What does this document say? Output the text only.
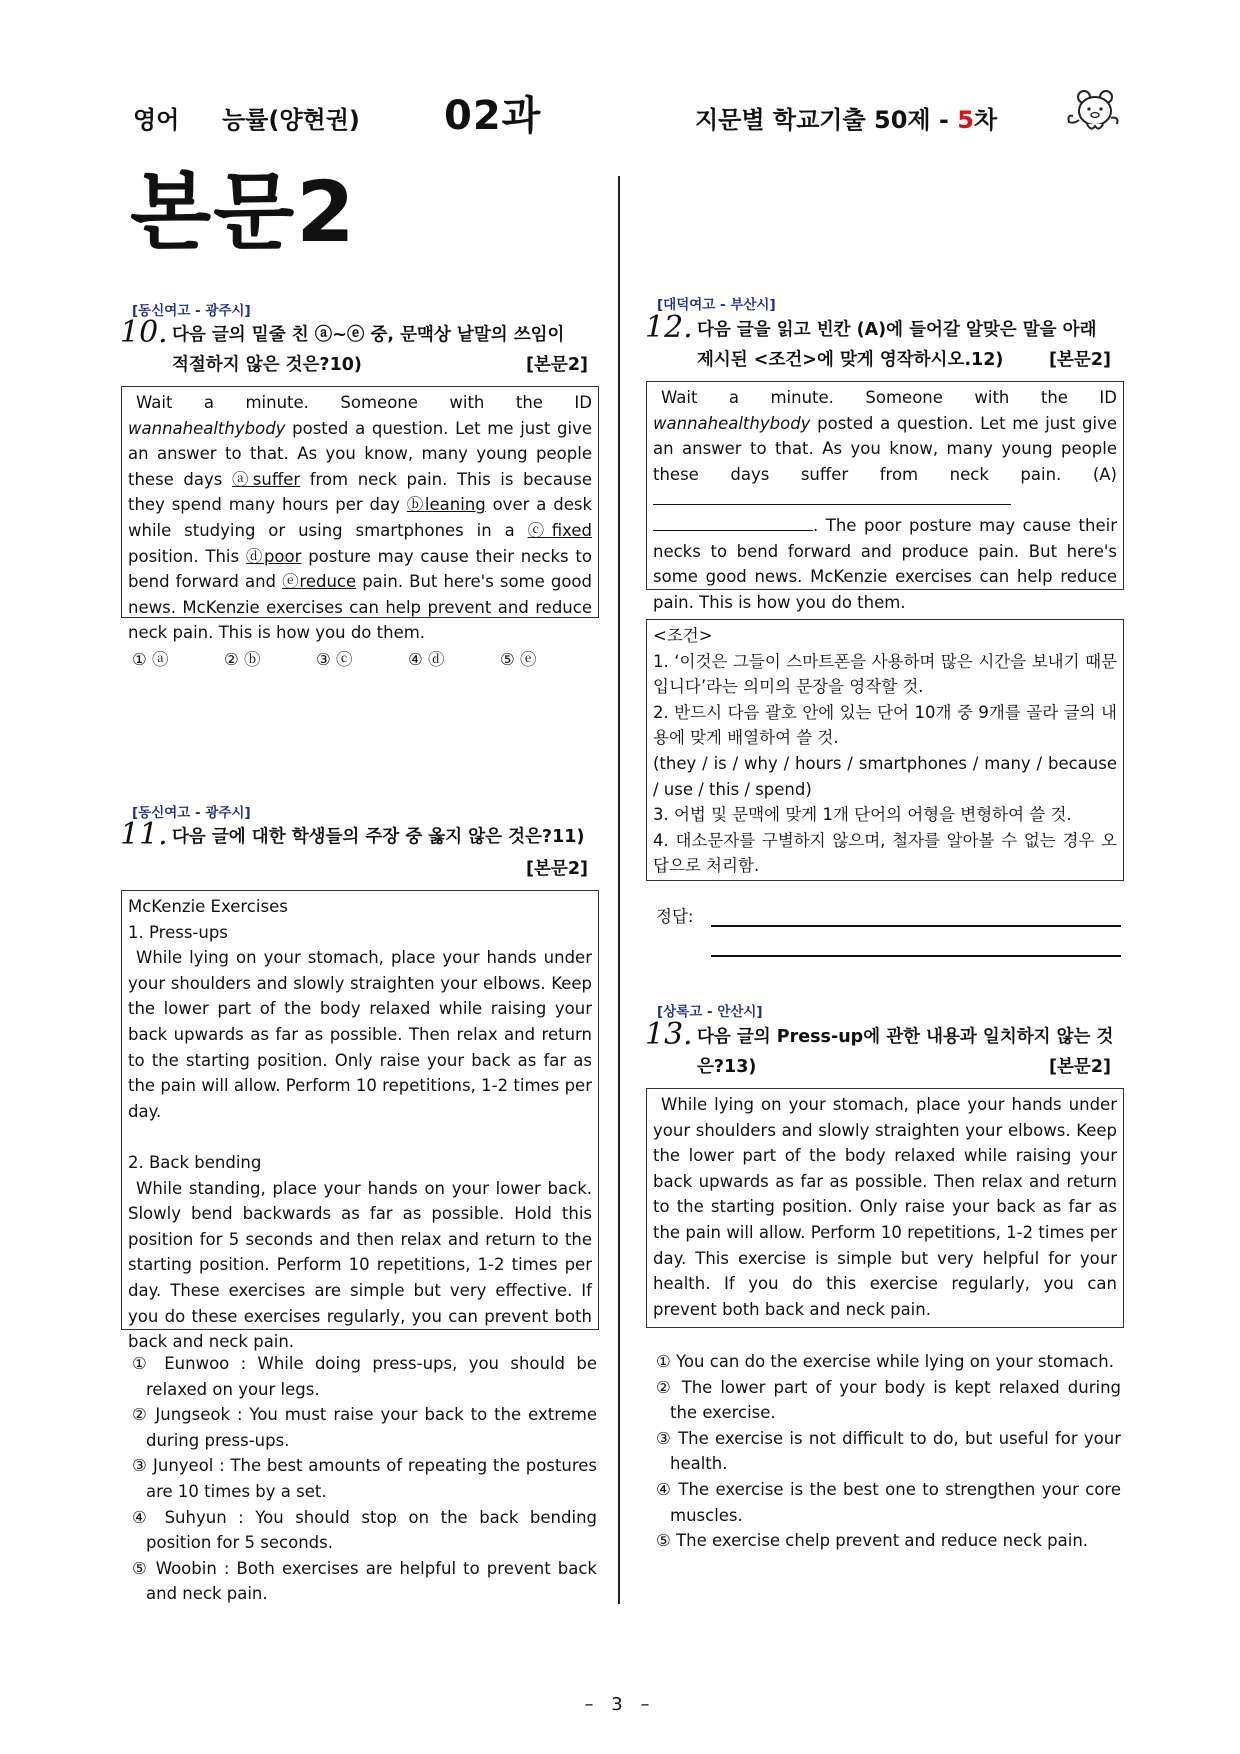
영어 능률(양현권) 02과	지문별 학교기출 50제 - 5차
본문2
[동신여고 - 광주시]
10. 다음 글의 밑줄 친 ⓐ~ⓔ 중, 문맥상 낱말의 쓰임이
적절하지 않은 것은?10)	[본문2]

Wait a minute. Someone with the ID wannahealthybody posted a question. Let me just give an answer to that. As you know, many young people these days ⓐsuffer from neck pain. This is because they spend many hours per day ⓑleaning over a desk while studying or using smartphones in a ⓒfixed position. This ⓓpoor posture may cause their necks to bend forward and ⓔreduce pain. But here's some good news. McKenzie exercises can help prevent and reduce neck pain. This is how you do them.

① ⓐ	② ⓑ	③ ⓒ	④ ⓓ	⑤ ⓔ
[동신여고 - 광주시]
11. 다음 글에 대한 학생들의 주장 중 옳지 않은 것은?11)
[본문2]

McKenzie Exercises

1. Press-ups

While lying on your stomach, place your hands under your shoulders and slowly straighten your elbows. Keep the lower part of the body relaxed while raising your back upwards as far as possible. Then relax and return to the starting position. Only raise your back as far as the pain will allow. Perform 10 repetitions, 1-2 times per day.

2. Back bending

While standing, place your hands on your lower back. Slowly bend backwards as far as possible. Hold this position for 5 seconds and then relax and return to the starting position. Perform 10 repetitions, 1-2 times per day. These exercises are simple but very effective. If you do these exercises regularly, you can prevent both back and neck pain.

① Eunwoo : While doing press-ups, you should be relaxed on your legs.
② Jungseok : You must raise your back to the extreme during press-ups.
③ Junyeol : The best amounts of repeating the postures are 10 times by a set.
④ Suhyun : You should stop on the back bending position for 5 seconds.
⑤ Woobin : Both exercises are helpful to prevent back and neck pain.
[대덕여고 - 부산시]
12. 다음 글을 읽고 빈칸 (A)에 들어갈 알맞은 말을 아래
제시된 <조건>에 맞게 영작하시오.12)	[본문2]

Wait a minute. Someone with the ID wannahealthybody posted a question. Let me just give an answer to that. As you know, many young people these days suffer from neck pain. (A) . The poor posture may cause their necks to bend forward and produce pain. But here's some good news. McKenzie exercises can help reduce pain. This is how you do them.

<조건>

1. ‘이것은 그들이 스마트폰을 사용하며 많은 시간을 보내기 때문입니다’라는 의미의 문장을 영작할 것.

2. 반드시 다음 괄호 안에 있는 단어 10개 중 9개를 골라 글의 내용에 맞게 배열하여 쓸 것.

(they / is / why / hours / smartphones / many / because / use / this / spend)

3. 어법 및 문맥에 맞게 1개 단어의 어형을 변형하여 쓸 것.

4. 대소문자를 구별하지 않으며, 철자를 알아볼 수 없는 경우 오답으로 처리함.

정답:
[상록고 - 안산시]
13. 다음 글의 Press-up에 관한 내용과 일치하지 않는 것
은?13)	[본문2]

While lying on your stomach, place your hands under your shoulders and slowly straighten your elbows. Keep the lower part of the body relaxed while raising your back upwards as far as possible. Then relax and return to the starting position. Only raise your back as far as the pain will allow. Perform 10 repetitions, 1-2 times per day. This exercise is simple but very helpful for your health. If you do this exercise regularly, you can prevent both back and neck pain.

① You can do the exercise while lying on your stomach.
② The lower part of your body is kept relaxed during the exercise.
③ The exercise is not difficult to do, but useful for your health.
④ The exercise is the best one to strengthen your core muscles.
⑤ The exercise chelp prevent and reduce neck pain.
– 3 –
